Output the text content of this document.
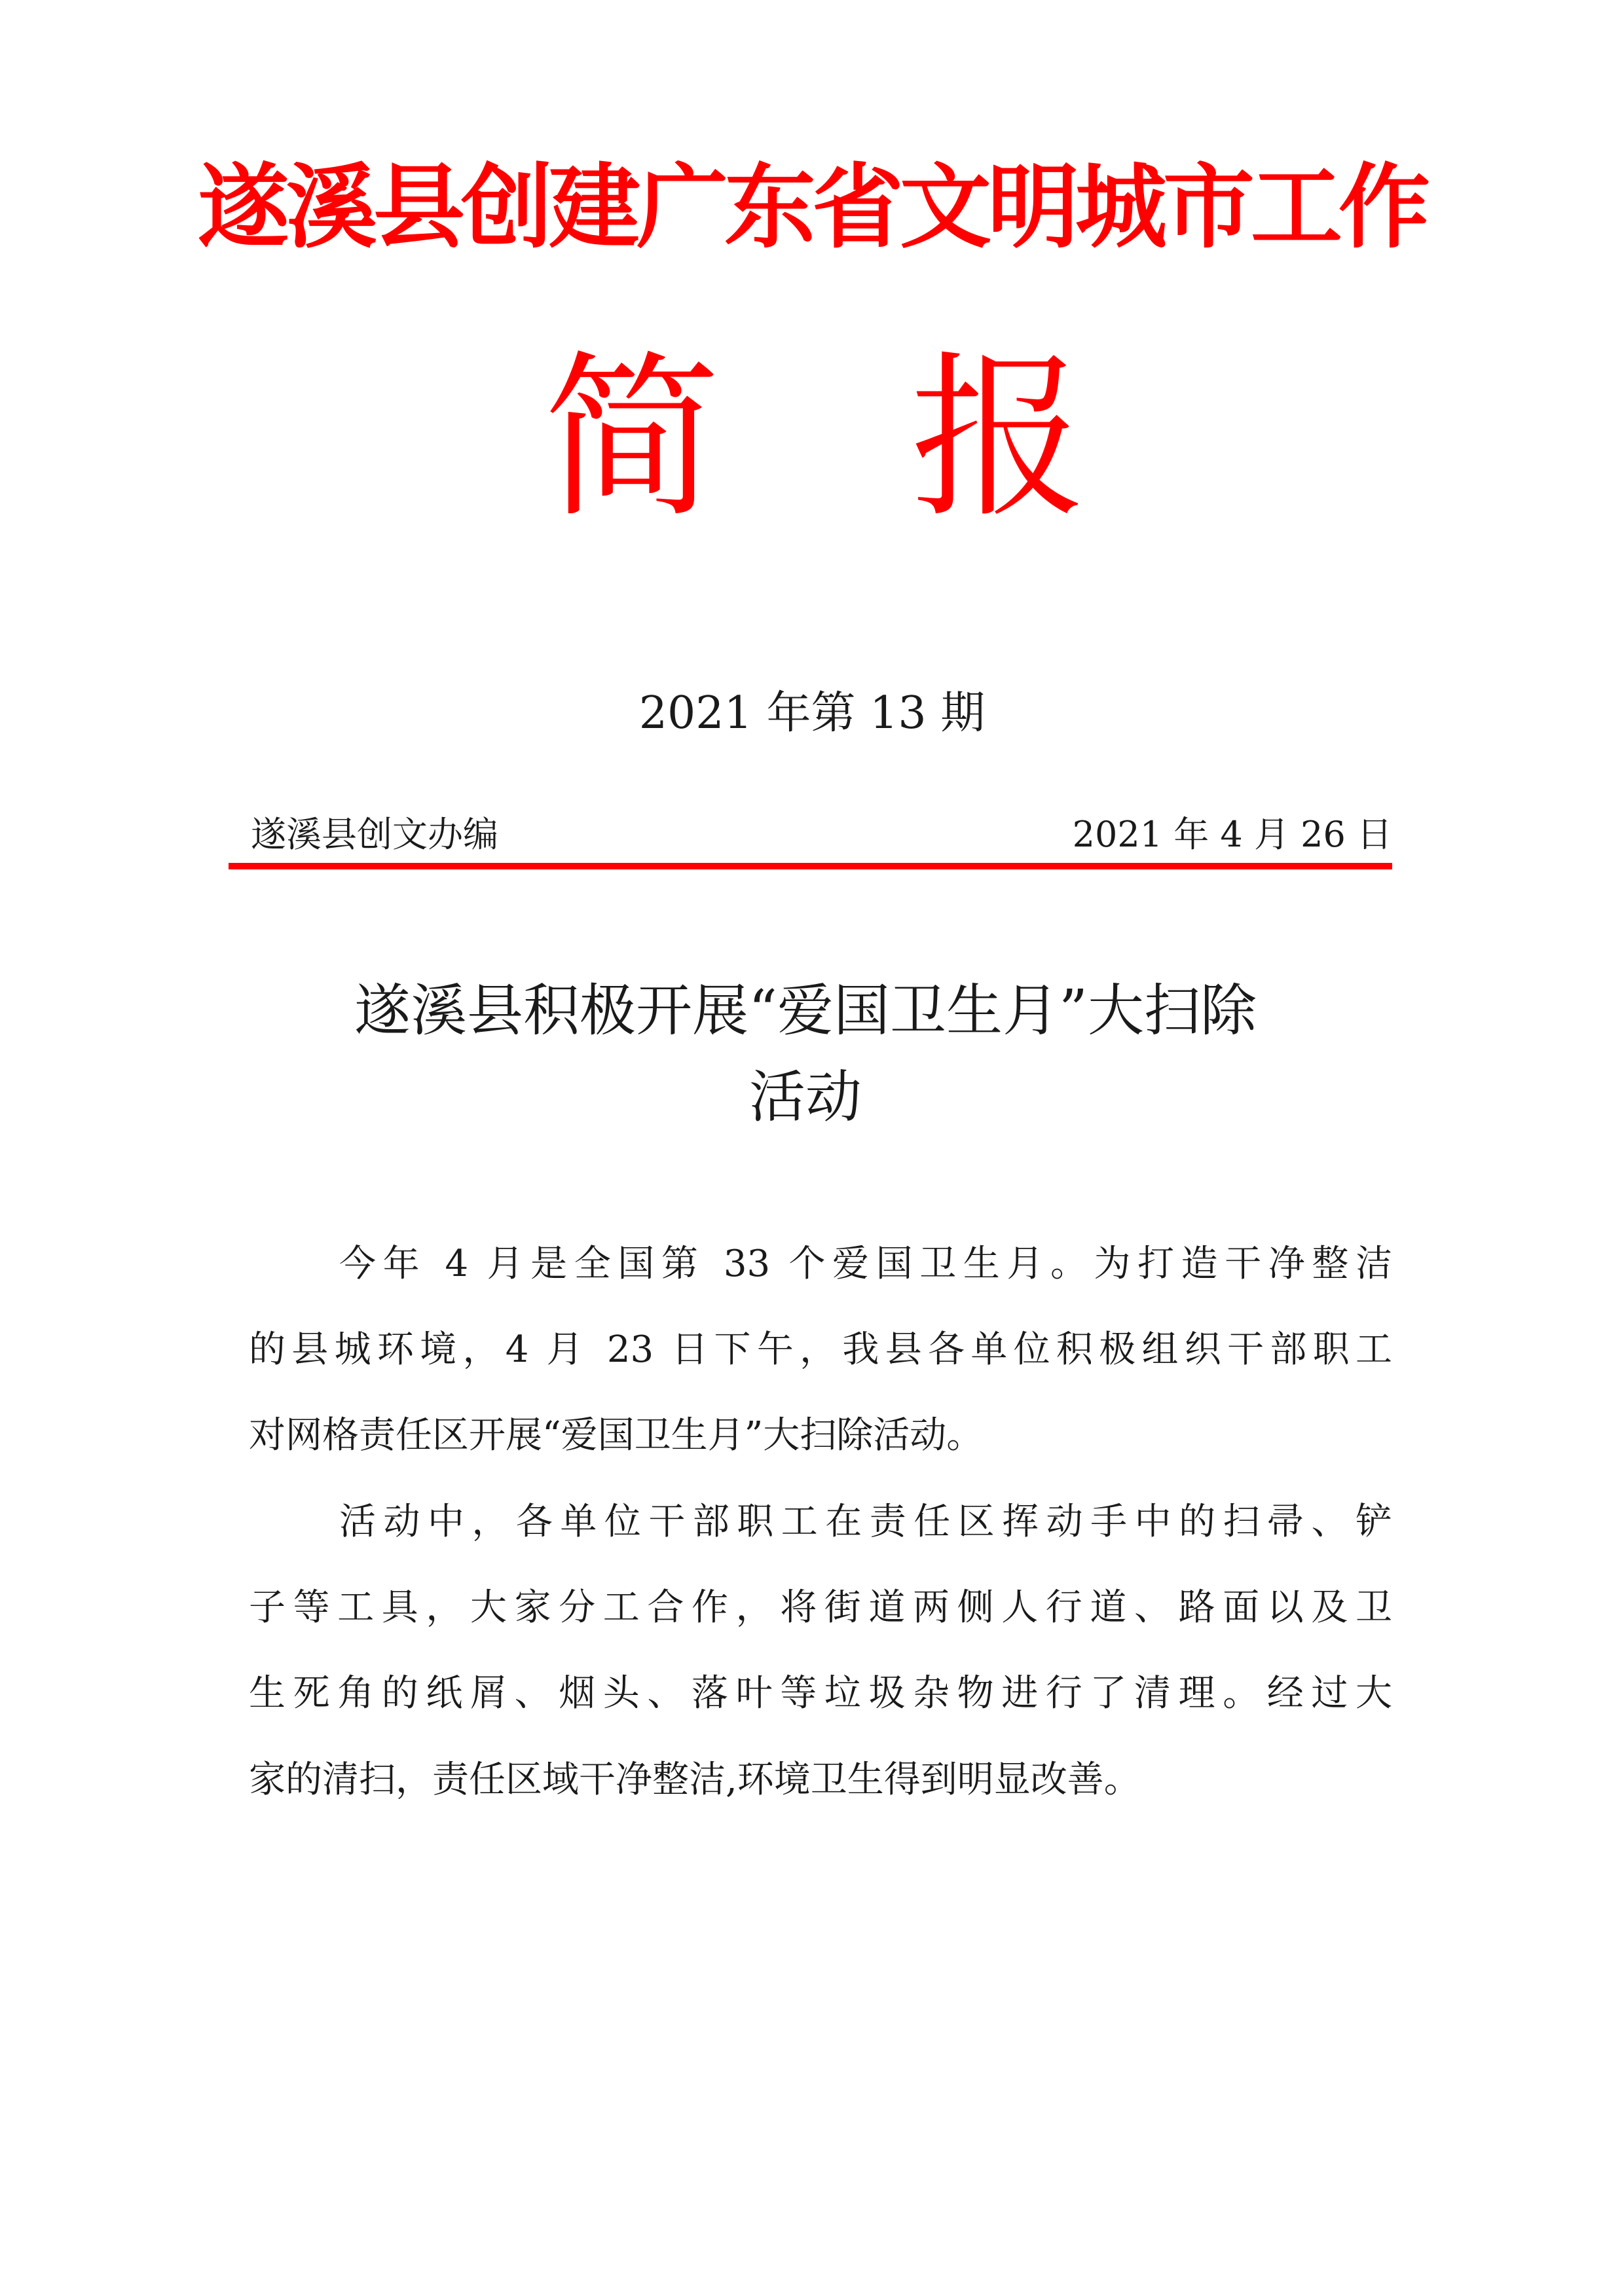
遂溪县创建广东省文明城市工作
简 报
2021 年第 13 期
遂溪县创文办编	2021 年 4 月 26 日
遂溪县积极开展“爱国卫生月”大扫除
活动
今年 4 月是全国第 33 个爱国卫生月。为打造干净整洁
的县城环境，4 月 23 日下午，我县各单位积极组织干部职工
对网格责任区开展“爱国卫生月”大扫除活动。
活动中，各单位干部职工在责任区挥动手中的扫帚、铲
子等工具，大家分工合作，将街道两侧人行道、路面以及卫
生死角的纸屑、烟头、落叶等垃圾杂物进行了清理。经过大
家的清扫，责任区域干净整洁,环境卫生得到明显改善。
